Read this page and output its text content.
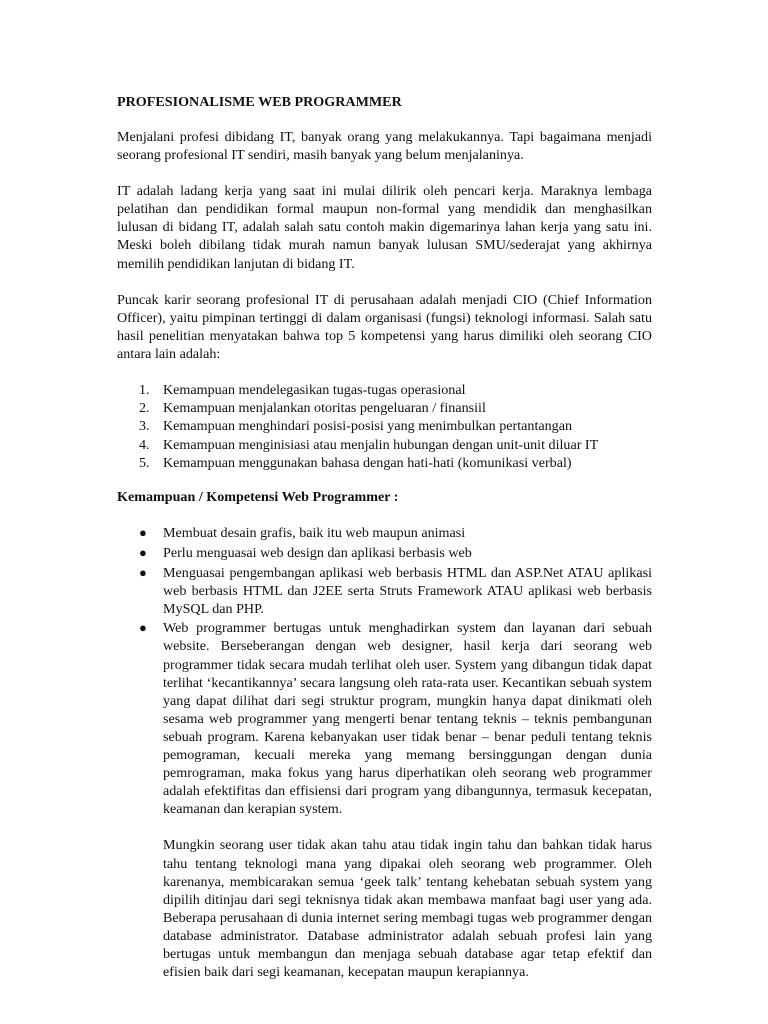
PROFESIONALISME WEB PROGRAMMER

Menjalani profesi dibidang IT, banyak orang yang melakukannya. Tapi bagaimana menjadi seorang profesional IT sendiri, masih banyak yang belum menjalaninya.

IT adalah ladang kerja yang saat ini mulai dilirik oleh pencari kerja. Maraknya lembaga pelatihan dan pendidikan formal maupun non-formal yang mendidik dan menghasilkan lulusan di bidang IT, adalah salah satu contoh makin digemarinya lahan kerja yang satu ini. Meski boleh dibilang tidak murah namun banyak lulusan SMU/sederajat yang akhirnya memilih pendidikan lanjutan di bidang IT.

Puncak karir seorang profesional IT di perusahaan adalah menjadi CIO (Chief Information Officer), yaitu pimpinan tertinggi di dalam organisasi (fungsi) teknologi informasi. Salah satu hasil penelitian menyatakan bahwa top 5 kompetensi yang harus dimiliki oleh seorang CIO antara lain adalah:

1. Kemampuan mendelegasikan tugas-tugas operasional
2. Kemampuan menjalankan otoritas pengeluaran / finansiil
3. Kemampuan menghindari posisi-posisi yang menimbulkan pertantangan
4. Kemampuan menginisiasi atau menjalin hubungan dengan unit-unit diluar IT
5. Kemampuan menggunakan bahasa dengan hati-hati (komunikasi verbal)
Kemampuan / Kompetensi Web Programmer :
● Membuat desain grafis, baik itu web maupun animasi
● Perlu menguasai web design dan aplikasi berbasis web
● Menguasai pengembangan aplikasi web berbasis HTML dan ASP.Net ATAU aplikasi web berbasis HTML dan J2EE serta Struts Framework ATAU aplikasi web berbasis MySQL dan PHP.
● Web programmer bertugas untuk menghadirkan system dan layanan dari sebuah website. Berseberangan dengan web designer, hasil kerja dari seorang web programmer tidak secara mudah terlihat oleh user. System yang dibangun tidak dapat terlihat ‘kecantikannya’ secara langsung oleh rata-rata user. Kecantikan sebuah system yang dapat dilihat dari segi struktur program, mungkin hanya dapat dinikmati oleh sesama web programmer yang mengerti benar tentang teknis – teknis pembangunan sebuah program. Karena kebanyakan user tidak benar – benar peduli tentang teknis pemograman, kecuali mereka yang memang bersinggungan dengan dunia pemrograman, maka fokus yang harus diperhatikan oleh seorang web programmer adalah efektifitas dan effisiensi dari program yang dibangunnya, termasuk kecepatan, keamanan dan kerapian system.

Mungkin seorang user tidak akan tahu atau tidak ingin tahu dan bahkan tidak harus tahu tentang teknologi mana yang dipakai oleh seorang web programmer. Oleh karenanya, membicarakan semua ‘geek talk’ tentang kehebatan sebuah system yang dipilih ditinjau dari segi teknisnya tidak akan membawa manfaat bagi user yang ada. Beberapa perusahaan di dunia internet sering membagi tugas web programmer dengan database administrator. Database administrator adalah sebuah profesi lain yang bertugas untuk membangun dan menjaga sebuah database agar tetap efektif dan efisien baik dari segi keamanan, kecepatan maupun kerapiannya.
